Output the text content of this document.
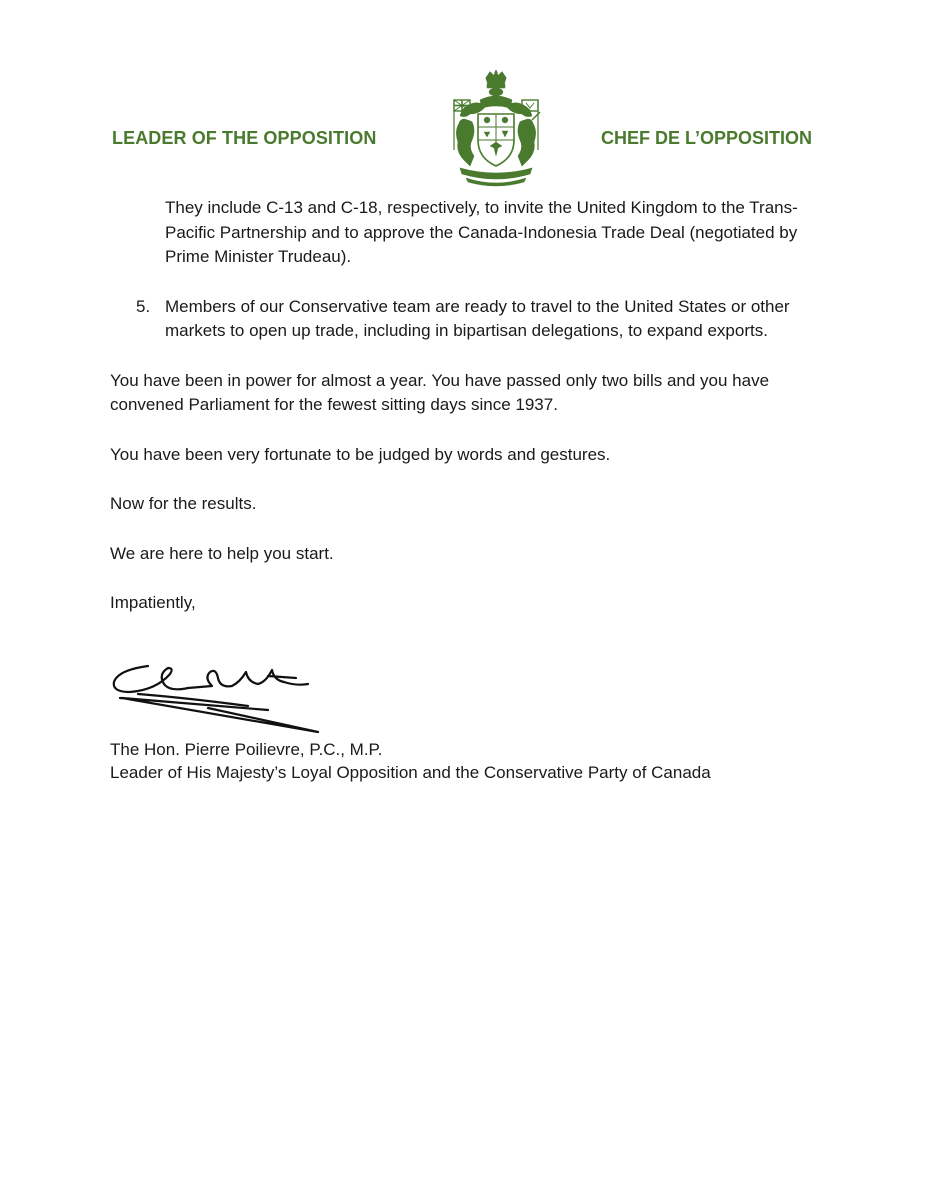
LEADER OF THE OPPOSITION	CHEF DE L’OPPOSITION

They include C-13 and C-18, respectively, to invite the United Kingdom to the Trans-Pacific Partnership and to approve the Canada-Indonesia Trade Deal (negotiated by Prime Minister Trudeau).

5. Members of our Conservative team are ready to travel to the United States or other markets to open up trade, including in bipartisan delegations, to expand exports.

You have been in power for almost a year. You have passed only two bills and you have convened Parliament for the fewest sitting days since 1937.

You have been very fortunate to be judged by words and gestures.

Now for the results.

We are here to help you start.

Impatiently,

The Hon. Pierre Poilievre, P.C., M.P.
Leader of His Majesty’s Loyal Opposition and the Conservative Party of Canada
